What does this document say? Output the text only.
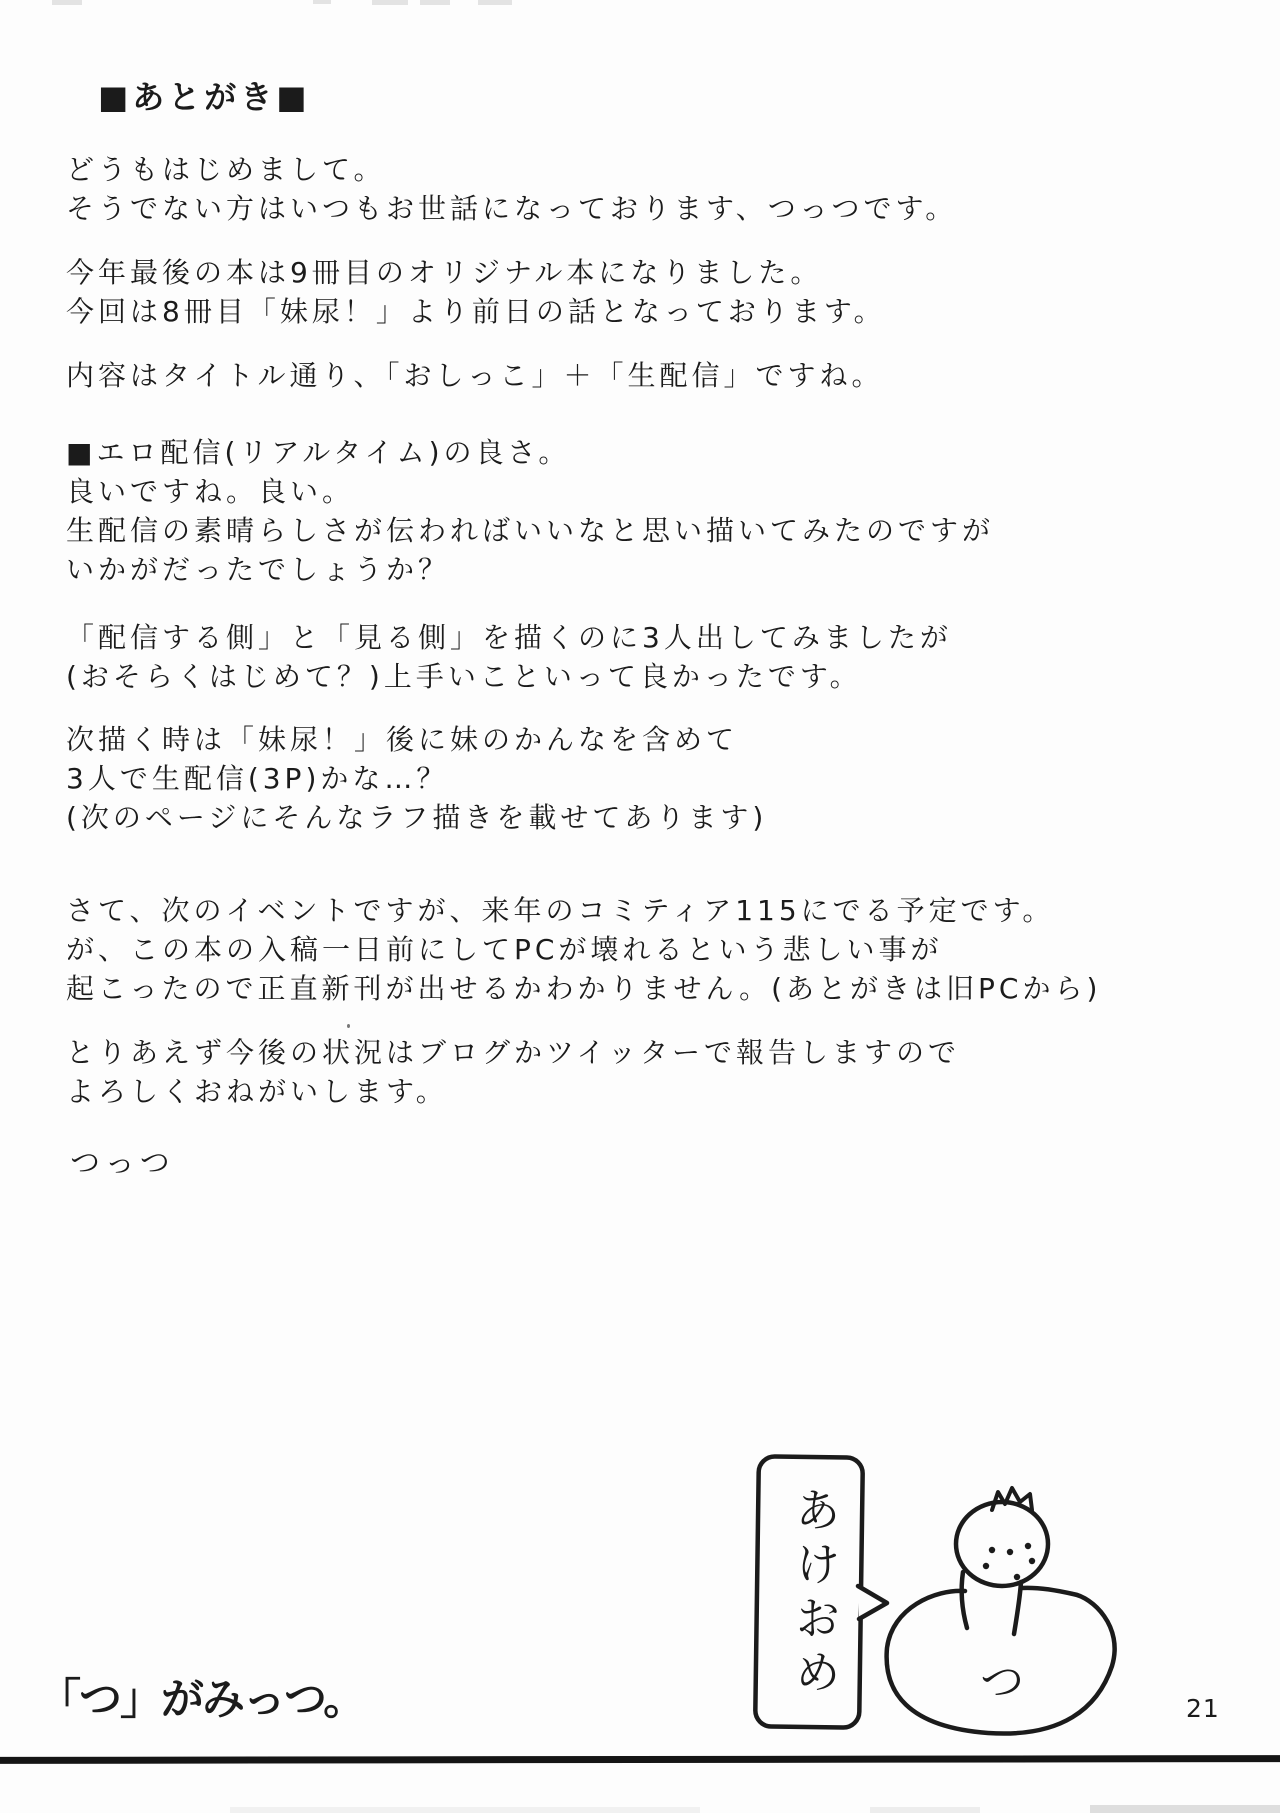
■あとがき■
どうもはじめまして。
そうでない方はいつもお世話になっております、つっつです。
今年最後の本は9冊目のオリジナル本になりました。
今回は8冊目「妹尿！」より前日の話となっております。
内容はタイトル通り、「おしっこ」＋「生配信」ですね。
■エロ配信(リアルタイム)の良さ。
良いですね。良い。
生配信の素晴らしさが伝わればいいなと思い描いてみたのですが
いかがだったでしょうか？
「配信する側」と「見る側」を描くのに3人出してみましたが
(おそらくはじめて？)上手いこといって良かったです。
次描く時は「妹尿！」後に妹のかんなを含めて
3人で生配信(3P)かな…？
(次のページにそんなラフ描きを載せてあります)
さて、次のイベントですが、来年のコミティア115にでる予定です。
が、この本の入稿一日前にしてPCが壊れるという悲しい事が
起こったので正直新刊が出せるかわかりません。(あとがきは旧PCから)
とりあえず今後の状況はブログかツイッターで報告しますので
よろしくおねがいします。
つっつ
あけおめ	つ
「つ」がみっつ。	21
